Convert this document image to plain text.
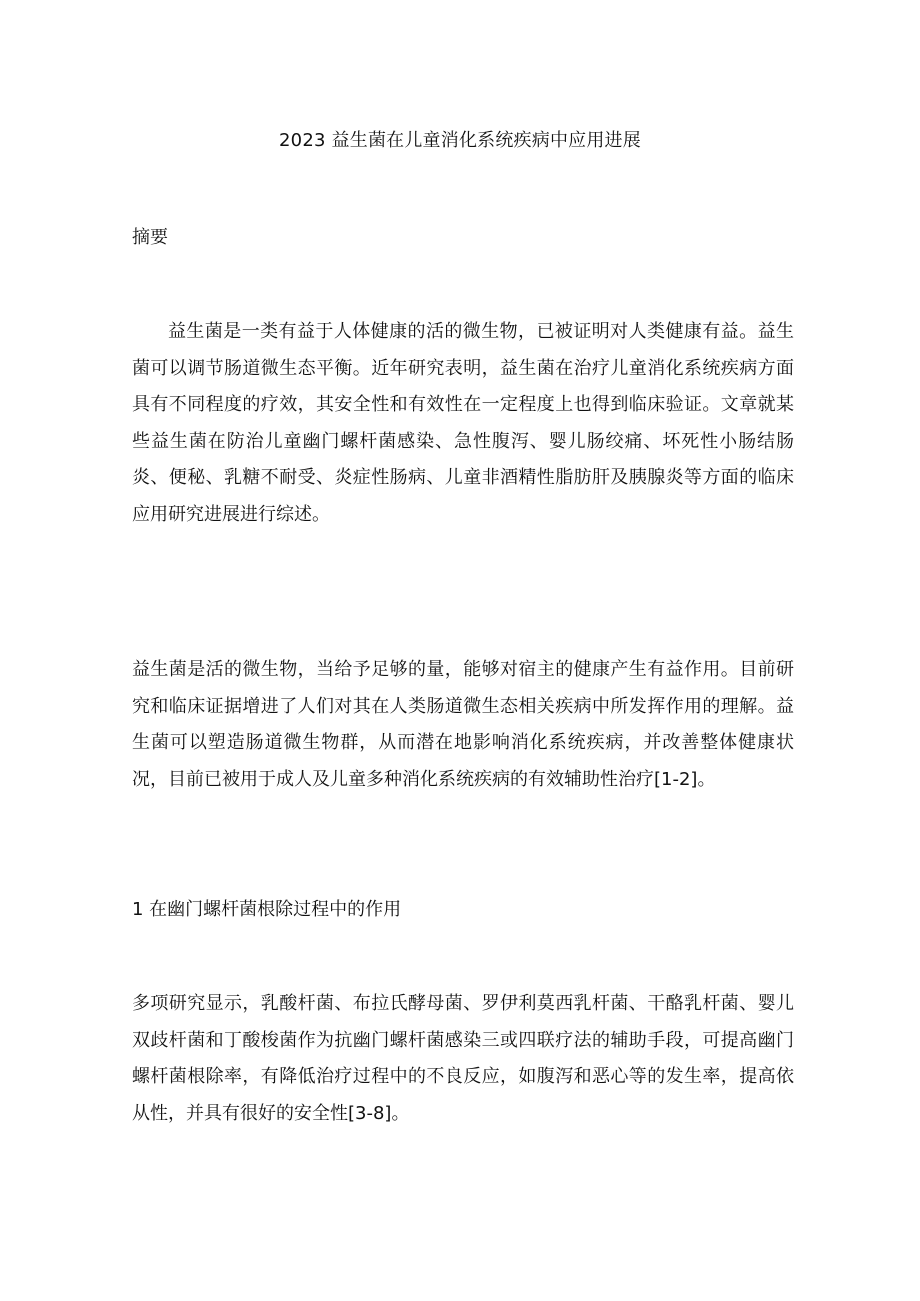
2023 益生菌在儿童消化系统疾病中应用进展
摘要
益生菌是一类有益于人体健康的活的微生物，已被证明对人类健康有益。益生菌可以调节肠道微生态平衡。近年研究表明，益生菌在治疗儿童消化系统疾病方面具有不同程度的疗效，其安全性和有效性在一定程度上也得到临床验证。文章就某些益生菌在防治儿童幽门螺杆菌感染、急性腹泻、婴儿肠绞痛、坏死性小肠结肠炎、便秘、乳糖不耐受、炎症性肠病、儿童非酒精性脂肪肝及胰腺炎等方面的临床应用研究进展进行综述。
益生菌是活的微生物，当给予足够的量，能够对宿主的健康产生有益作用。目前研究和临床证据增进了人们对其在人类肠道微生态相关疾病中所发挥作用的理解。益生菌可以塑造肠道微生物群，从而潜在地影响消化系统疾病，并改善整体健康状况，目前已被用于成人及儿童多种消化系统疾病的有效辅助性治疗[1-2]。
1 在幽门螺杆菌根除过程中的作用
多项研究显示，乳酸杆菌、布拉氏酵母菌、罗伊利莫西乳杆菌、干酪乳杆菌、婴儿双歧杆菌和丁酸梭菌作为抗幽门螺杆菌感染三或四联疗法的辅助手段，可提高幽门螺杆菌根除率，有降低治疗过程中的不良反应，如腹泻和恶心等的发生率，提高依从性，并具有很好的安全性[3-8]。
